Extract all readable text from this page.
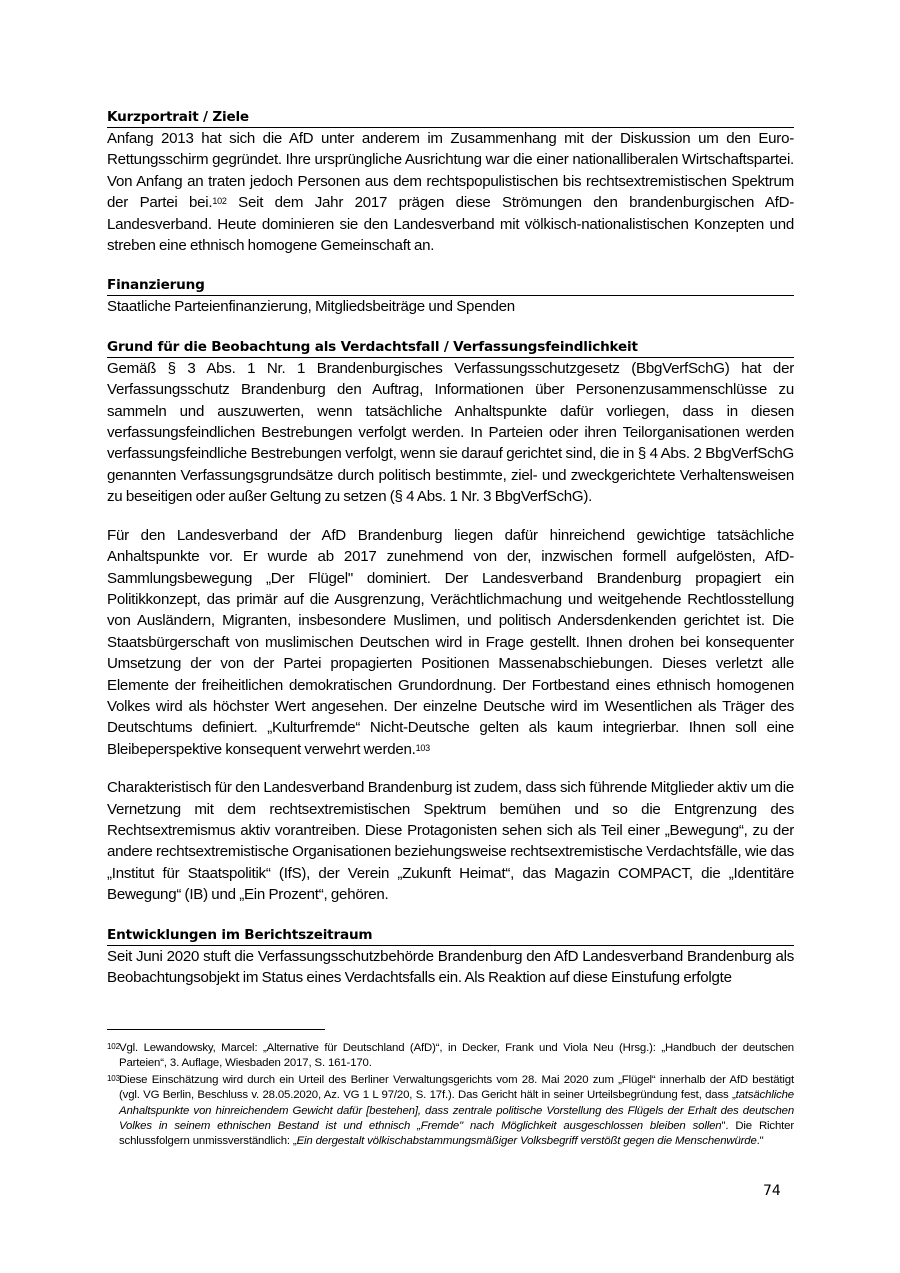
Kurzportrait / Ziele

Anfang 2013 hat sich die AfD unter anderem im Zusammenhang mit der Diskussion um den Euro-Rettungsschirm gegründet. Ihre ursprüngliche Ausrichtung war die einer nationalliberalen Wirtschaftspartei. Von Anfang an traten jedoch Personen aus dem rechtspopulistischen bis rechtsextremistischen Spektrum der Partei bei.$^{102}$ Seit dem Jahr 2017 prägen diese Strömungen den brandenburgischen AfD-Landesverband. Heute dominieren sie den Landesverband mit völkisch-nationalistischen Konzepten und streben eine ethnisch homogene Gemeinschaft an.

Finanzierung

Staatliche Parteienfinanzierung, Mitgliedsbeiträge und Spenden

Grund für die Beobachtung als Verdachtsfall / Verfassungsfeindlichkeit

Gemäß § 3 Abs. 1 Nr. 1 Brandenburgisches Verfassungsschutzgesetz (BbgVerfSchG) hat der Verfassungsschutz Brandenburg den Auftrag, Informationen über Personenzusammenschlüsse zu sammeln und auszuwerten, wenn tatsächliche Anhaltspunkte dafür vorliegen, dass in diesen verfassungsfeindlichen Bestrebungen verfolgt werden. In Parteien oder ihren Teilorganisationen werden verfassungsfeindliche Bestrebungen verfolgt, wenn sie darauf gerichtet sind, die in § 4 Abs. 2 BbgVerfSchG genannten Verfassungsgrundsätze durch politisch bestimmte, ziel- und zweckgerichtete Verhaltensweisen zu beseitigen oder außer Geltung zu setzen (§ 4 Abs. 1 Nr. 3 BbgVerfSchG).

Für den Landesverband der AfD Brandenburg liegen dafür hinreichend gewichtige tatsächliche Anhaltspunkte vor. Er wurde ab 2017 zunehmend von der, inzwischen formell aufgelösten, AfD-Sammlungsbewegung „Der Flügel" dominiert. Der Landesverband Brandenburg propagiert ein Politikkonzept, das primär auf die Ausgrenzung, Verächtlichmachung und weitgehende Rechtlosstellung von Ausländern, Migranten, insbesondere Muslimen, und politisch Andersdenkenden gerichtet ist. Die Staatsbürgerschaft von muslimischen Deutschen wird in Frage gestellt. Ihnen drohen bei konsequenter Umsetzung der von der Partei propagierten Positionen Massenabschiebungen. Dieses verletzt alle Elemente der freiheitlichen demokratischen Grundordnung. Der Fortbestand eines ethnisch homogenen Volkes wird als höchster Wert angesehen. Der einzelne Deutsche wird im Wesentlichen als Träger des Deutschtums definiert. „Kulturfremde“ Nicht-Deutsche gelten als kaum integrierbar. Ihnen soll eine Bleibeperspektive konsequent verwehrt werden.$^{103}$

Charakteristisch für den Landesverband Brandenburg ist zudem, dass sich führende Mitglieder aktiv um die Vernetzung mit dem rechtsextremistischen Spektrum bemühen und so die Entgrenzung des Rechtsextremismus aktiv vorantreiben. Diese Protagonisten sehen sich als Teil einer „Bewegung“, zu der andere rechtsextremistische Organisationen beziehungsweise rechtsextremistische Verdachtsfälle, wie das „Institut für Staatspolitik“ (IfS), der Verein „Zukunft Heimat“, das Magazin COMPACT, die „Identitäre Bewegung“ (IB) und „Ein Prozent“, gehören.

Entwicklungen im Berichtszeitraum

Seit Juni 2020 stuft die Verfassungsschutzbehörde Brandenburg den AfD Landesverband Brandenburg als Beobachtungsobjekt im Status eines Verdachtsfalls ein. Als Reaktion auf diese Einstufung erfolgte

102 Vgl. Lewandowsky, Marcel: „Alternative für Deutschland (AfD)“, in Decker, Frank und Viola Neu (Hrsg.): „Handbuch der deutschen Parteien“, 3. Auflage, Wiesbaden 2017, S. 161-170.

103 Diese Einschätzung wird durch ein Urteil des Berliner Verwaltungsgerichts vom 28. Mai 2020 zum „Flügel“ innerhalb der AfD bestätigt (vgl. VG Berlin, Beschluss v. 28.05.2020, Az. VG 1 L 97/20, S. 17f.). Das Gericht hält in seiner Urteilsbegründung fest, dass „tatsächliche Anhaltspunkte von hinreichendem Gewicht dafür [bestehen], dass zentrale politische Vorstellung des Flügels der Erhalt des deutschen Volkes in seinem ethnischen Bestand ist und ethnisch „Fremde" nach Möglichkeit ausgeschlossen bleiben sollen". Die Richter schlussfolgern unmissverständlich: „Ein dergestalt völkischabstammungsmäßiger Volksbegriff verstößt gegen die Menschenwürde."

74
